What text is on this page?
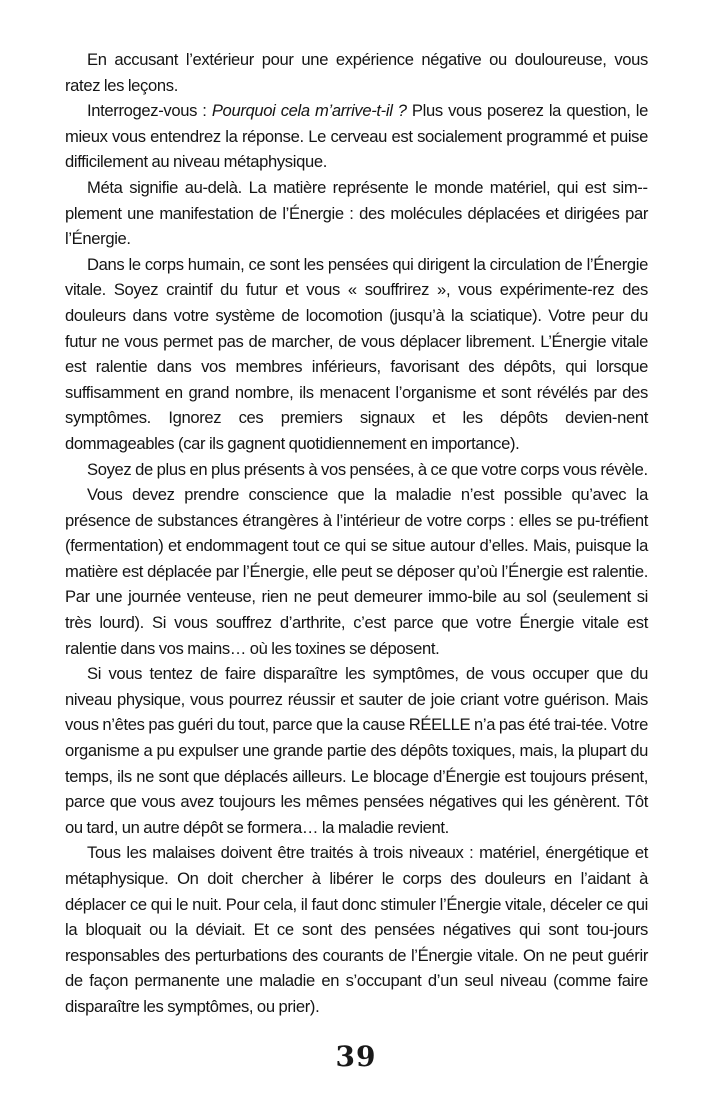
En accusant l’extérieur pour une expérience négative ou douloureuse, vous ratez les leçons.

Interrogez-vous : Pourquoi cela m’arrive-t-il ? Plus vous poserez la question, le mieux vous entendrez la réponse. Le cerveau est socialement programmé et puise difficilement au niveau métaphysique.

Méta signifie au-delà. La matière représente le monde matériel, qui est sim-plement une manifestation de l’Énergie : des molécules déplacées et dirigées par l’Énergie.

Dans le corps humain, ce sont les pensées qui dirigent la circulation de l’Énergie vitale. Soyez craintif du futur et vous « souffrirez », vous expérimente-rez des douleurs dans votre système de locomotion (jusqu’à la sciatique). Votre peur du futur ne vous permet pas de marcher, de vous déplacer librement. L’Énergie vitale est ralentie dans vos membres inférieurs, favorisant des dépôts, qui lorsque suffisamment en grand nombre, ils menacent l’organisme et sont révélés par des symptômes. Ignorez ces premiers signaux et les dépôts devien-nent dommageables (car ils gagnent quotidiennement en importance).

Soyez de plus en plus présents à vos pensées, à ce que votre corps vous révèle.

Vous devez prendre conscience que la maladie n’est possible qu’avec la présence de substances étrangères à l’intérieur de votre corps : elles se pu-tréfient (fermentation) et endommagent tout ce qui se situe autour d’elles. Mais, puisque la matière est déplacée par l’Énergie, elle peut se déposer qu’où l’Énergie est ralentie. Par une journée venteuse, rien ne peut demeurer immo-bile au sol (seulement si très lourd). Si vous souffrez d’arthrite, c’est parce que votre Énergie vitale est ralentie dans vos mains… où les toxines se déposent.

Si vous tentez de faire disparaître les symptômes, de vous occuper que du niveau physique, vous pourrez réussir et sauter de joie criant votre guérison. Mais vous n’êtes pas guéri du tout, parce que la cause RÉELLE n’a pas été trai-tée. Votre organisme a pu expulser une grande partie des dépôts toxiques, mais, la plupart du temps, ils ne sont que déplacés ailleurs. Le blocage d’Énergie est toujours présent, parce que vous avez toujours les mêmes pensées négatives qui les génèrent. Tôt ou tard, un autre dépôt se formera… la maladie revient.

Tous les malaises doivent être traités à trois niveaux : matériel, énergétique et métaphysique. On doit chercher à libérer le corps des douleurs en l’aidant à déplacer ce qui le nuit. Pour cela, il faut donc stimuler l’Énergie vitale, déceler ce qui la bloquait ou la déviait. Et ce sont des pensées négatives qui sont tou-jours responsables des perturbations des courants de l’Énergie vitale. On ne peut guérir de façon permanente une maladie en s’occupant d’un seul niveau (comme faire disparaître les symptômes, ou prier).

39
